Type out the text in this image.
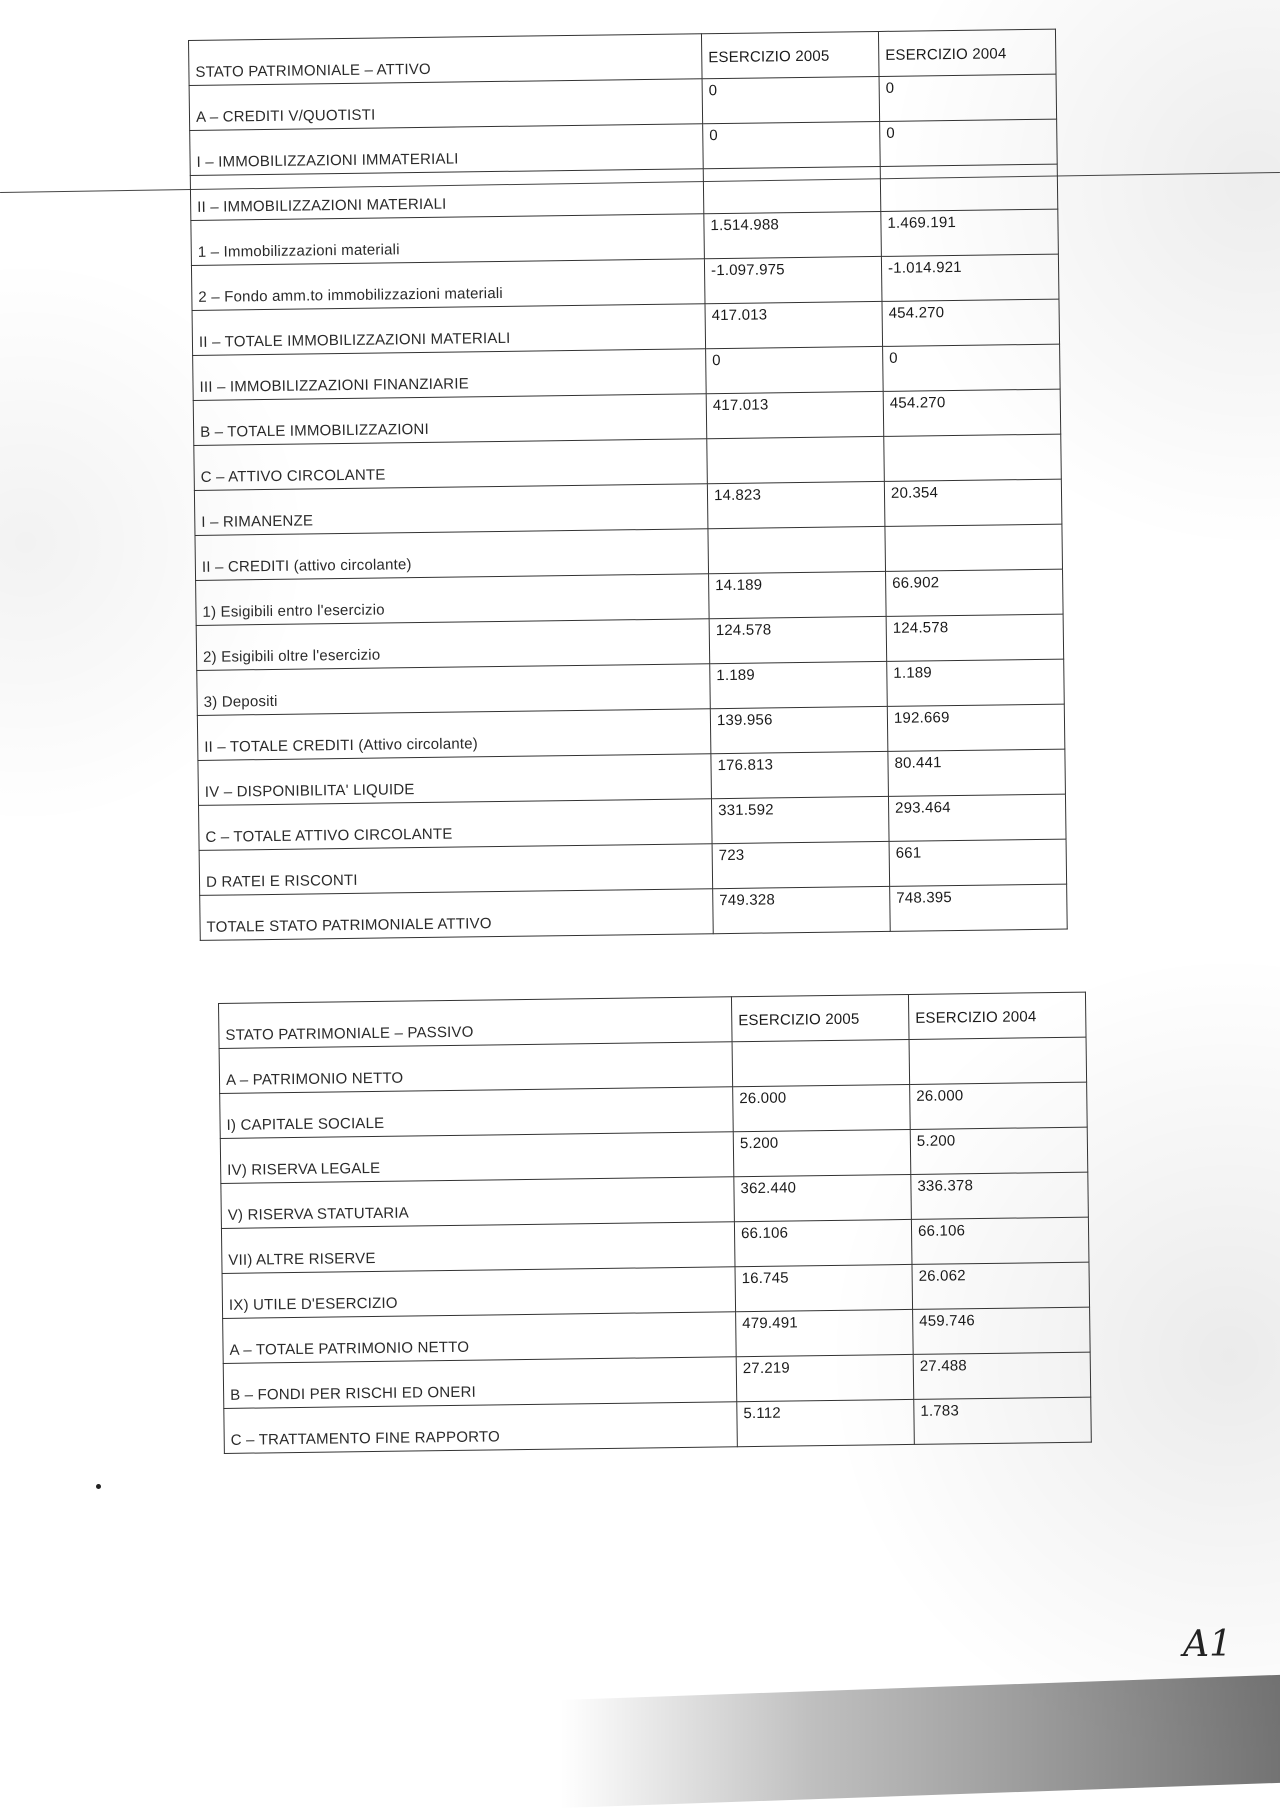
STATO PATRIMONIALE – ATTIVO	ESERCIZIO 2005	ESERCIZIO 2004
A – CREDITI V/QUOTISTI	0	0
I – IMMOBILIZZAZIONI IMMATERIALI	0	0
II – IMMOBILIZZAZIONI MATERIALI		
1 – Immobilizzazioni materiali	1.514.988	1.469.191
2 – Fondo amm.to immobilizzazioni materiali	-1.097.975	-1.014.921
II – TOTALE IMMOBILIZZAZIONI MATERIALI	417.013	454.270
III – IMMOBILIZZAZIONI FINANZIARIE	0	0
B – TOTALE IMMOBILIZZAZIONI	417.013	454.270
C – ATTIVO CIRCOLANTE		
I – RIMANENZE	14.823	20.354
II – CREDITI (attivo circolante)		
1) Esigibili entro l'esercizio	14.189	66.902
2) Esigibili oltre l'esercizio	124.578	124.578
3) Depositi	1.189	1.189
II – TOTALE CREDITI (Attivo circolante)	139.956	192.669
IV – DISPONIBILITA' LIQUIDE	176.813	80.441
C – TOTALE ATTIVO CIRCOLANTE	331.592	293.464
D RATEI E RISCONTI	723	661
TOTALE STATO PATRIMONIALE ATTIVO	749.328	748.395
STATO PATRIMONIALE – PASSIVO	ESERCIZIO 2005	ESERCIZIO 2004
A – PATRIMONIO NETTO		
I) CAPITALE SOCIALE	26.000	26.000
IV) RISERVA LEGALE	5.200	5.200
V) RISERVA STATUTARIA	362.440	336.378
VII) ALTRE RISERVE	66.106	66.106
IX) UTILE D'ESERCIZIO	16.745	26.062
A – TOTALE PATRIMONIO NETTO	479.491	459.746
B – FONDI PER RISCHI ED ONERI	27.219	27.488
C – TRATTAMENTO FINE RAPPORTO	5.112	1.783
A1
